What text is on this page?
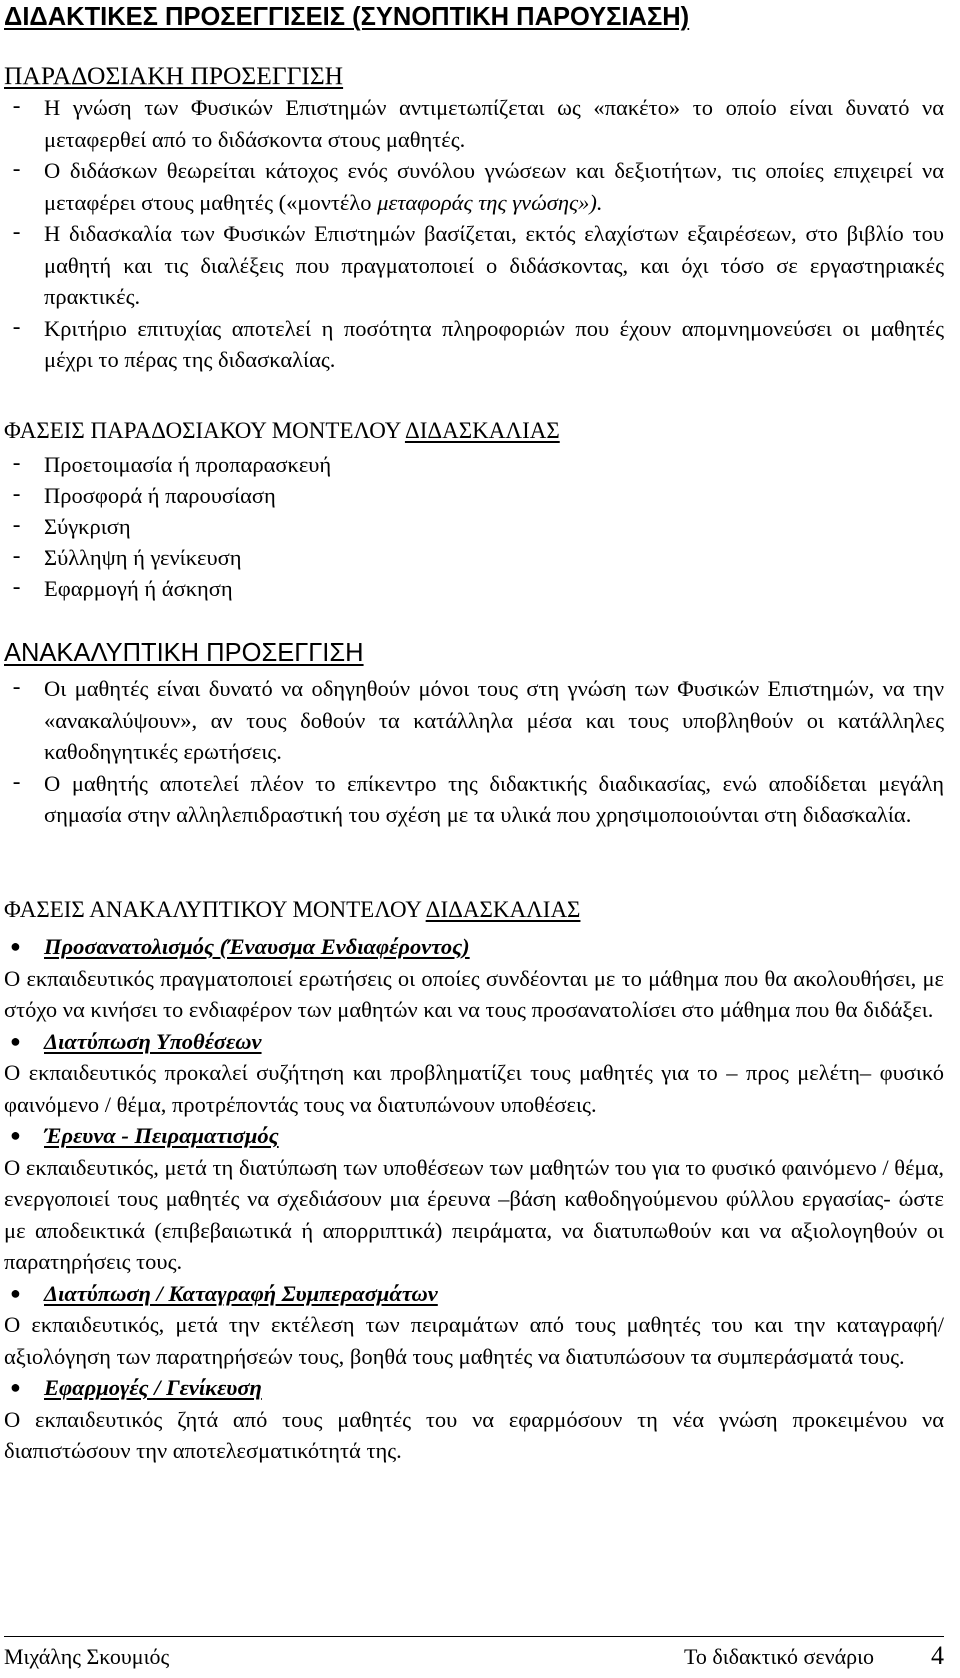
ΔΙΔΑΚΤΙΚΕΣ ΠΡΟΣΕΓΓΙΣΕΙΣ (ΣΥΝΟΠΤΙΚΗ ΠΑΡΟΥΣΙΑΣΗ)
ΠΑΡΑΔΟΣΙΑΚΗ ΠΡΟΣΕΓΓΙΣΗ
- Η γνώση των Φυσικών Επιστημών αντιμετωπίζεται ως «πακέτο» το οποίο είναι δυνατό να μεταφερθεί από το διδάσκοντα στους μαθητές.
- Ο διδάσκων θεωρείται κάτοχος ενός συνόλου γνώσεων και δεξιοτήτων, τις οποίες επιχειρεί να μεταφέρει στους μαθητές («μοντέλο μεταφοράς της γνώσης»).
- Η διδασκαλία των Φυσικών Επιστημών βασίζεται, εκτός ελαχίστων εξαιρέσεων, στο βιβλίο του μαθητή και τις διαλέξεις που πραγματοποιεί ο διδάσκοντας, και όχι τόσο σε εργαστηριακές πρακτικές.
- Κριτήριο επιτυχίας αποτελεί η ποσότητα πληροφοριών που έχουν απομνημονεύσει οι μαθητές μέχρι το πέρας της διδασκαλίας.
ΦΑΣΕΙΣ ΠΑΡΑΔΟΣΙΑΚΟΥ ΜΟΝΤΕΛΟΥ ΔΙΔΑΣΚΑΛΙΑΣ
- Προετοιμασία ή προπαρασκευή
- Προσφορά ή παρουσίαση
- Σύγκριση
- Σύλληψη ή γενίκευση
- Εφαρμογή ή άσκηση
ΑΝΑΚΑΛΥΠΤΙΚΗ ΠΡΟΣΕΓΓΙΣΗ
- Οι μαθητές είναι δυνατό να οδηγηθούν μόνοι τους στη γνώση των Φυσικών Επιστημών, να την «ανακαλύψουν», αν τους δοθούν τα κατάλληλα μέσα και τους υποβληθούν οι κατάλληλες καθοδηγητικές ερωτήσεις.
- Ο μαθητής αποτελεί πλέον το επίκεντρο της διδακτικής διαδικασίας, ενώ αποδίδεται μεγάλη σημασία στην αλληλεπιδραστική του σχέση με τα υλικά που χρησιμοποιούνται στη διδασκαλία.
ΦΑΣΕΙΣ ΑΝΑΚΑΛΥΠΤΙΚΟΥ ΜΟΝΤΕΛΟΥ ΔΙΔΑΣΚΑΛΙΑΣ
● Προσανατολισμός (Έναυσμα Ενδιαφέροντος)
Ο εκπαιδευτικός πραγματοποιεί ερωτήσεις οι οποίες συνδέονται με το μάθημα που θα ακολουθήσει, με στόχο να κινήσει το ενδιαφέρον των μαθητών και να τους προσανατολίσει στο μάθημα που θα διδάξει.
● Διατύπωση Υποθέσεων
Ο εκπαιδευτικός προκαλεί συζήτηση και προβληματίζει τους μαθητές για το – προς μελέτη– φυσικό φαινόμενο / θέμα, προτρέποντάς τους να διατυπώνουν υποθέσεις.
● Έρευνα - Πειραματισμός
Ο εκπαιδευτικός, μετά τη διατύπωση των υποθέσεων των μαθητών του για το φυσικό φαινόμενο / θέμα, ενεργοποιεί τους μαθητές να σχεδιάσουν μια έρευνα –βάση καθοδηγούμενου φύλλου εργασίας- ώστε με αποδεικτικά (επιβεβαιωτικά ή απορριπτικά) πειράματα, να διατυπωθούν και να αξιολογηθούν οι παρατηρήσεις τους.
● Διατύπωση / Καταγραφή Συμπερασμάτων
Ο εκπαιδευτικός, μετά την εκτέλεση των πειραμάτων από τους μαθητές του και την καταγραφή/αξιολόγηση των παρατηρήσεών τους, βοηθά τους μαθητές να διατυπώσουν τα συμπεράσματά τους.
● Εφαρμογές / Γενίκευση
Ο εκπαιδευτικός ζητά από τους μαθητές του να εφαρμόσουν τη νέα γνώση προκειμένου να διαπιστώσουν την αποτελεσματικότητά της.
Μιχάλης Σκουμιός	Το διδακτικό σενάριο 4
